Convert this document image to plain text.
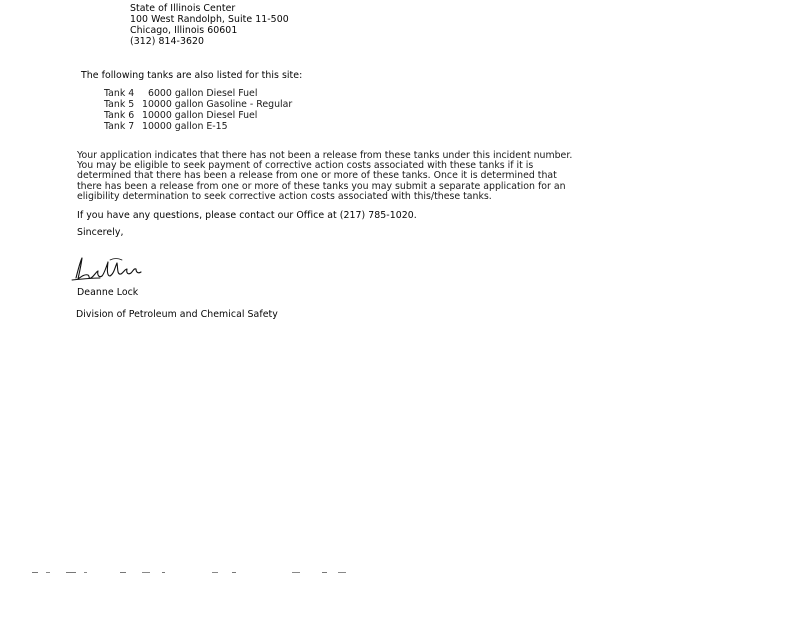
State of Illinois Center
100 West Randolph, Suite 11-500
Chicago, Illinois 60601
(312) 814-3620
The following tanks are also listed for this site:
Tank 4 6000 gallon Diesel Fuel
Tank 5 10000 gallon Gasoline - Regular
Tank 6 10000 gallon Diesel Fuel
Tank 7 10000 gallon E-15
Your application indicates that there has not been a release from these tanks under this incident number.
You may be eligible to seek payment of corrective action costs associated with these tanks if it is
determined that there has been a release from one or more of these tanks. Once it is determined that
there has been a release from one or more of these tanks you may submit a separate application for an
eligibility determination to seek corrective action costs associated with this/these tanks.
If you have any questions, please contact our Office at (217) 785-1020.
Sincerely,
Deanne Lock
Division of Petroleum and Chemical Safety
